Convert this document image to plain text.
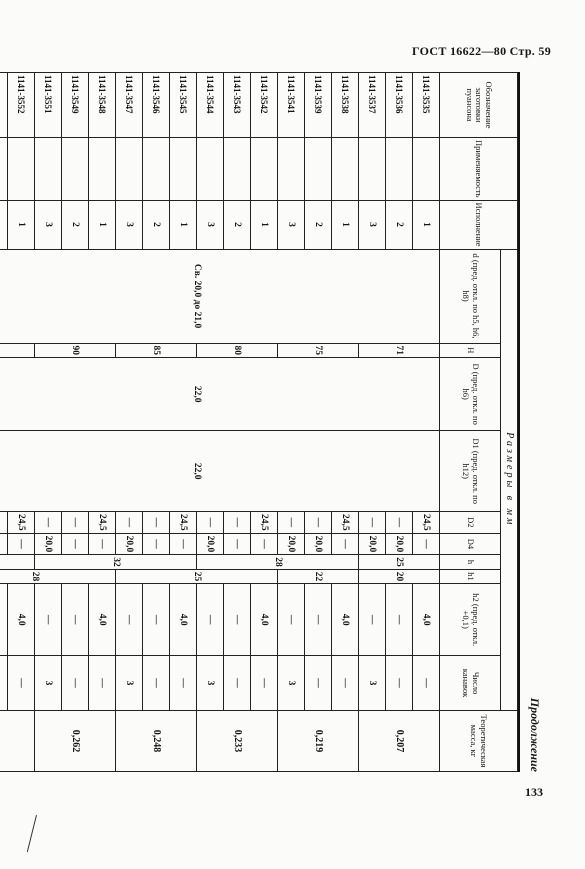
ГОСТ 16622—80 Стр. 59
Продолжение
Обозначение заготовки пуансона	Применяемость	Исполнение	Размеры в мм										Теоретическая масса, кг
			d (пред. откл. по h5, h6, h8)	H	D (пред. откл. по h6)	D1 (пред. откл. по h12)	D2	D4	h	h1	h2 (пред. откл. +0,1)	Число канавок	
1141-3535		1	Св. 20,0 до 21,0	71	22,0	22,0	24,5	—	25	20	4,0	—	0,207
1141-3536		2					—	20,0			—	—	
1141-3537		3					—	20,0			—	3	
1141-3538		1		75			24,5	—	28	22	4,0	—	0,219
1141-3539		2					—	20,0			—	—	
1141-3541		3					—	20,0			—	3	
1141-3542		1		80			24,5	—		25	4,0	—	0,233
1141-3543		2					—	—			—	—	
1141-3544		3					—	20,0			—	3	
1141-3545		1		85			24,5	—	32		4,0	—	0,248
1141-3546		2					—	—			—	—	
1141-3547		3					—	20,0			—	3	
1141-3548		1		90			24,5	—		28	4,0	—	0,262
1141-3549		2					—	—			—	—	
1141-3551		3					—	20,0			—	3	
1141-3552		1					24,5	—			4,0	—	

133
